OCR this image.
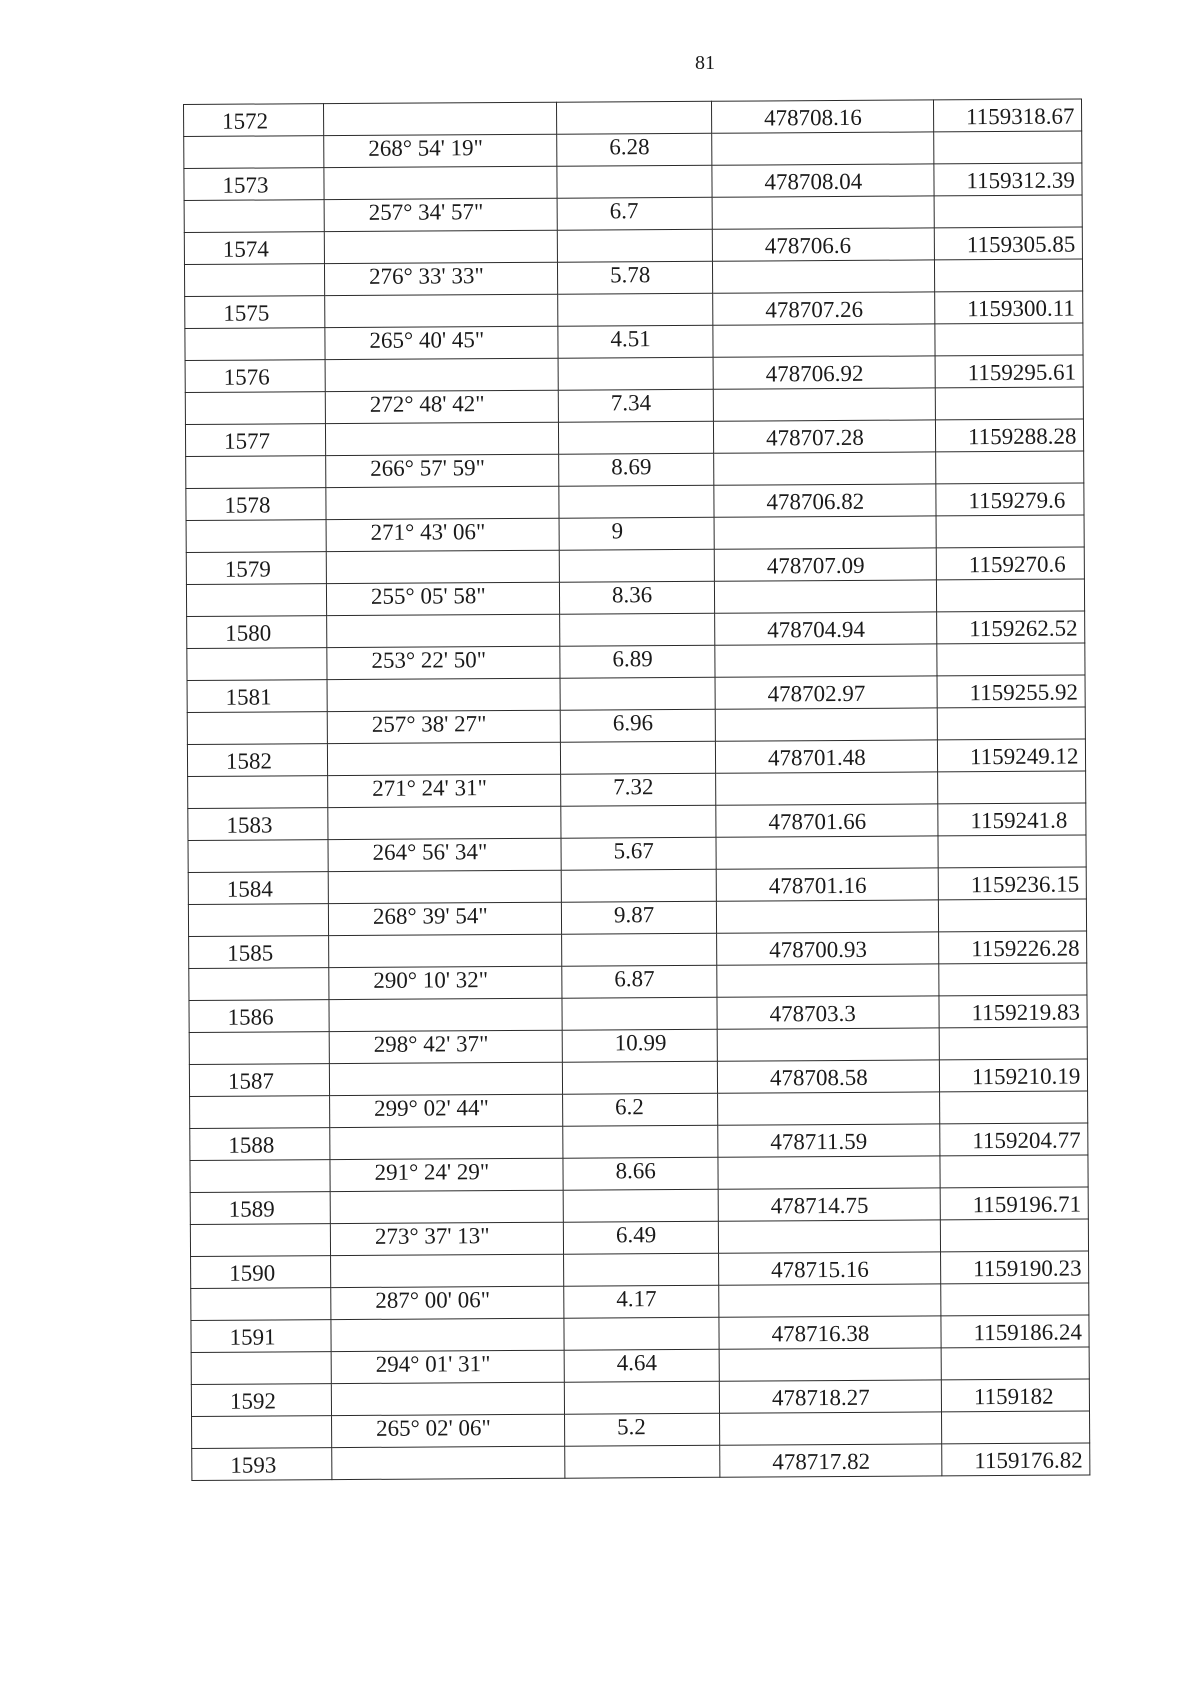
81
1572			478708.16	1159318.67
	268° 54' 19"	6.28		
1573			478708.04	1159312.39
	257° 34' 57"	6.7		
1574			478706.6	1159305.85
	276° 33' 33"	5.78		
1575			478707.26	1159300.11
	265° 40' 45"	4.51		
1576			478706.92	1159295.61
	272° 48' 42"	7.34		
1577			478707.28	1159288.28
	266° 57' 59"	8.69		
1578			478706.82	1159279.6
	271° 43' 06"	9		
1579			478707.09	1159270.6
	255° 05' 58"	8.36		
1580			478704.94	1159262.52
	253° 22' 50"	6.89		
1581			478702.97	1159255.92
	257° 38' 27"	6.96		
1582			478701.48	1159249.12
	271° 24' 31"	7.32		
1583			478701.66	1159241.8
	264° 56' 34"	5.67		
1584			478701.16	1159236.15
	268° 39' 54"	9.87		
1585			478700.93	1159226.28
	290° 10' 32"	6.87		
1586			478703.3	1159219.83
	298° 42' 37"	10.99		
1587			478708.58	1159210.19
	299° 02' 44"	6.2		
1588			478711.59	1159204.77
	291° 24' 29"	8.66		
1589			478714.75	1159196.71
	273° 37' 13"	6.49		
1590			478715.16	1159190.23
	287° 00' 06"	4.17		
1591			478716.38	1159186.24
	294° 01' 31"	4.64		
1592			478718.27	1159182
	265° 02' 06"	5.2		
1593			478717.82	1159176.82
